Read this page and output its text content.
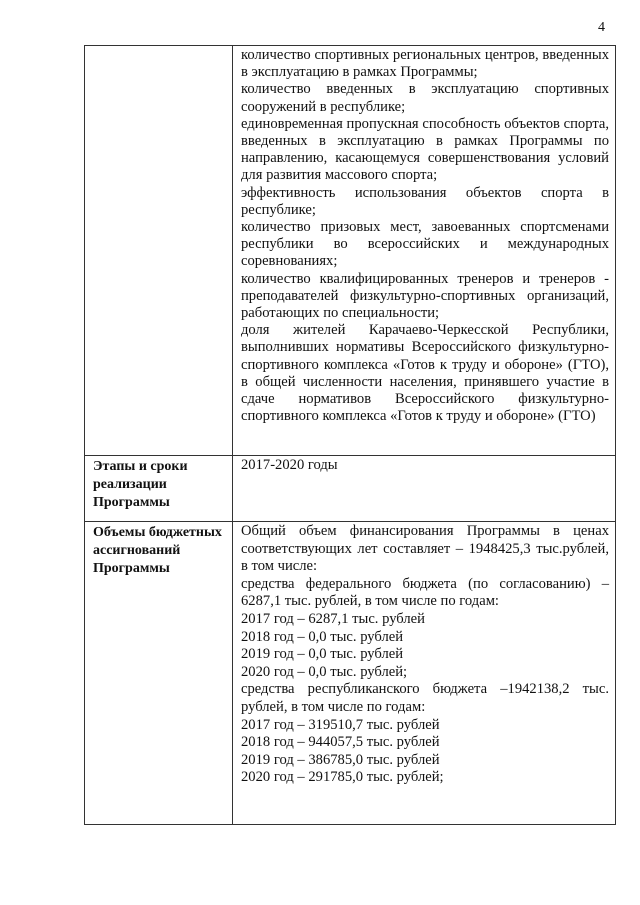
4
количество спортивных региональных центров, введенных в эксплуатацию в рамках Программы;
количество введенных в эксплуатацию спортивных сооружений в республике;
единовременная пропускная способность объектов спорта, введенных в эксплуатацию в рамках Программы по направлению, касающемуся совершенствования условий для развития массового спорта;
эффективность использования объектов спорта в республике;
количество призовых мест, завоеванных спортсменами республики во всероссийских и международных соревнованиях;
количество квалифицированных тренеров и тренеров - преподавателей физкультурно-спортивных организаций, работающих по специальности;
доля жителей Карачаево-Черкесской Республики, выполнивших нормативы Всероссийского физкультурно-спортивного комплекса «Готов к труду и обороне» (ГТО), в общей численности населения, принявшего участие в сдаче нормативов Всероссийского физкультурно-спортивного комплекса «Готов к труду и обороне» (ГТО)
Этапы и сроки реализации Программы
2017-2020 годы
Объемы бюджетных ассигнований Программы
Общий объем финансирования Программы в ценах соответствующих лет составляет – 1948425,3 тыс.рублей, в том числе:
средства федерального бюджета (по согласованию) – 6287,1 тыс. рублей, в том числе по годам:
2017 год – 6287,1 тыс. рублей
2018 год – 0,0 тыс. рублей
2019 год – 0,0 тыс. рублей
2020 год – 0,0 тыс. рублей;
средства республиканского бюджета –1942138,2 тыс. рублей, в том числе по годам:
2017 год – 319510,7 тыс. рублей
2018 год – 944057,5 тыс. рублей
2019 год – 386785,0 тыс. рублей
2020 год – 291785,0 тыс. рублей;
